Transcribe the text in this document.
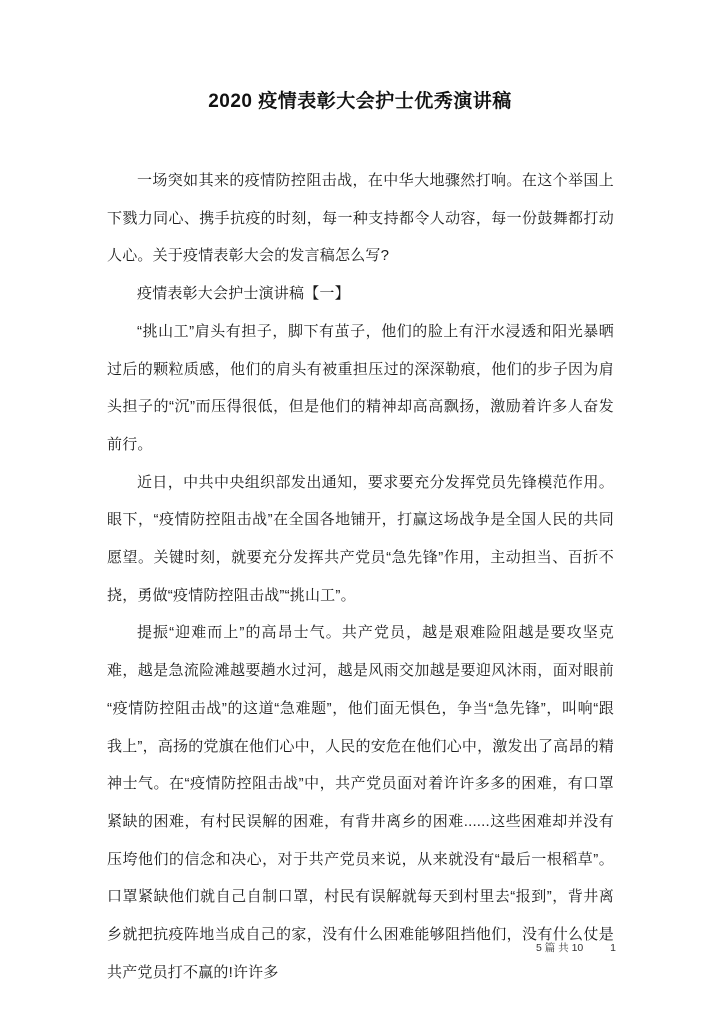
2020 疫情表彰大会护士优秀演讲稿

一场突如其来的疫情防控阻击战，在中华大地骤然打响。在这个举国上下戮力同心、携手抗疫的时刻，每一种支持都令人动容，每一份鼓舞都打动人心。关于疫情表彰大会的发言稿怎么写?

疫情表彰大会护士演讲稿【一】

“挑山工”肩头有担子，脚下有茧子，他们的脸上有汗水浸透和阳光暴晒过后的颗粒质感，他们的肩头有被重担压过的深深勒痕，他们的步子因为肩头担子的“沉”而压得很低，但是他们的精神却高高飘扬，激励着许多人奋发前行。

近日，中共中央组织部发出通知，要求要充分发挥党员先锋模范作用。眼下，“疫情防控阻击战”在全国各地铺开，打赢这场战争是全国人民的共同愿望。关键时刻，就要充分发挥共产党员“急先锋”作用，主动担当、百折不挠，勇做“疫情防控阻击战”“挑山工”。

提振“迎难而上”的高昂士气。共产党员，越是艰难险阻越是要攻坚克难，越是急流险滩越要趟水过河，越是风雨交加越是要迎风沐雨，面对眼前“疫情防控阻击战”的这道“急难题”，他们面无惧色，争当“急先锋”，叫响“跟我上”，高扬的党旗在他们心中，人民的安危在他们心中，激发出了高昂的精神士气。在“疫情防控阻击战”中，共产党员面对着许许多多的困难，有口罩紧缺的困难，有村民误解的困难，有背井离乡的困难......这些困难却并没有压垮他们的信念和决心，对于共产党员来说，从来就没有“最后一根稻草”。口罩紧缺他们就自己自制口罩，村民有误解就每天到村里去“报到”，背井离乡就把抗疫阵地当成自己的家，没有什么困难能够阻挡他们，没有什么仗是共产党员打不赢的!许许多

5 篇 共 10	1
